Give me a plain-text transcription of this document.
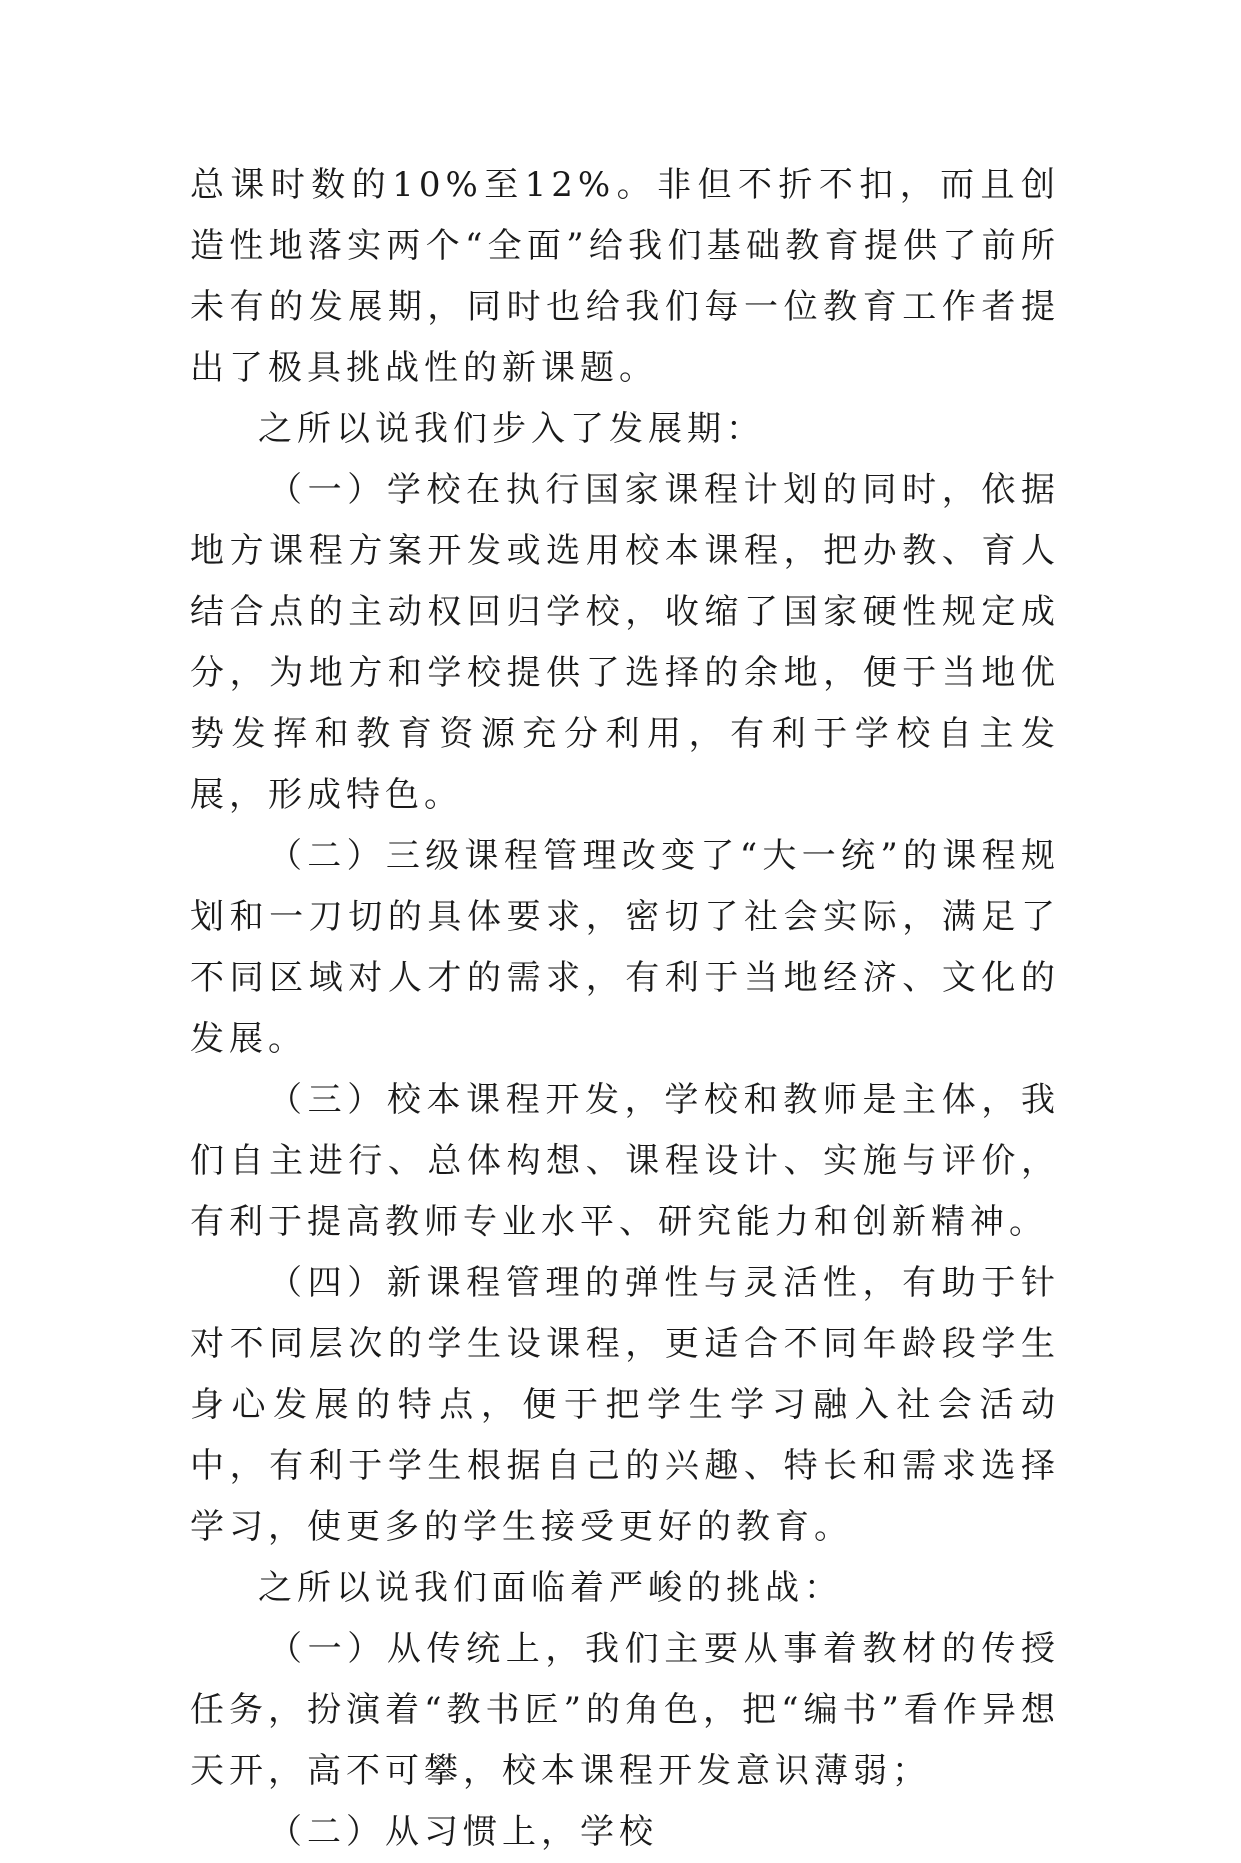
总课时数的10%至12%。非但不折不扣，而且创造性地落实两个“全面”给我们基础教育提供了前所未有的发展期，同时也给我们每一位教育工作者提出了极具挑战性的新课题。

之所以说我们步入了发展期：

（一）学校在执行国家课程计划的同时，依据地方课程方案开发或选用校本课程，把办教、育人结合点的主动权回归学校，收缩了国家硬性规定成分，为地方和学校提供了选择的余地，便于当地优势发挥和教育资源充分利用，有利于学校自主发展，形成特色。

（二）三级课程管理改变了“大一统”的课程规划和一刀切的具体要求，密切了社会实际，满足了不同区域对人才的需求，有利于当地经济、文化的发展。

（三）校本课程开发，学校和教师是主体，我们自主进行、总体构想、课程设计、实施与评价，有利于提高教师专业水平、研究能力和创新精神。

（四）新课程管理的弹性与灵活性，有助于针对不同层次的学生设课程，更适合不同年龄段学生身心发展的特点，便于把学生学习融入社会活动中，有利于学生根据自己的兴趣、特长和需求选择学习，使更多的学生接受更好的教育。

之所以说我们面临着严峻的挑战：

（一）从传统上，我们主要从事着教材的传授任务，扮演着“教书匠”的角色，把“编书”看作异想天开，高不可攀，校本课程开发意识薄弱；

（二）从习惯上，学校
